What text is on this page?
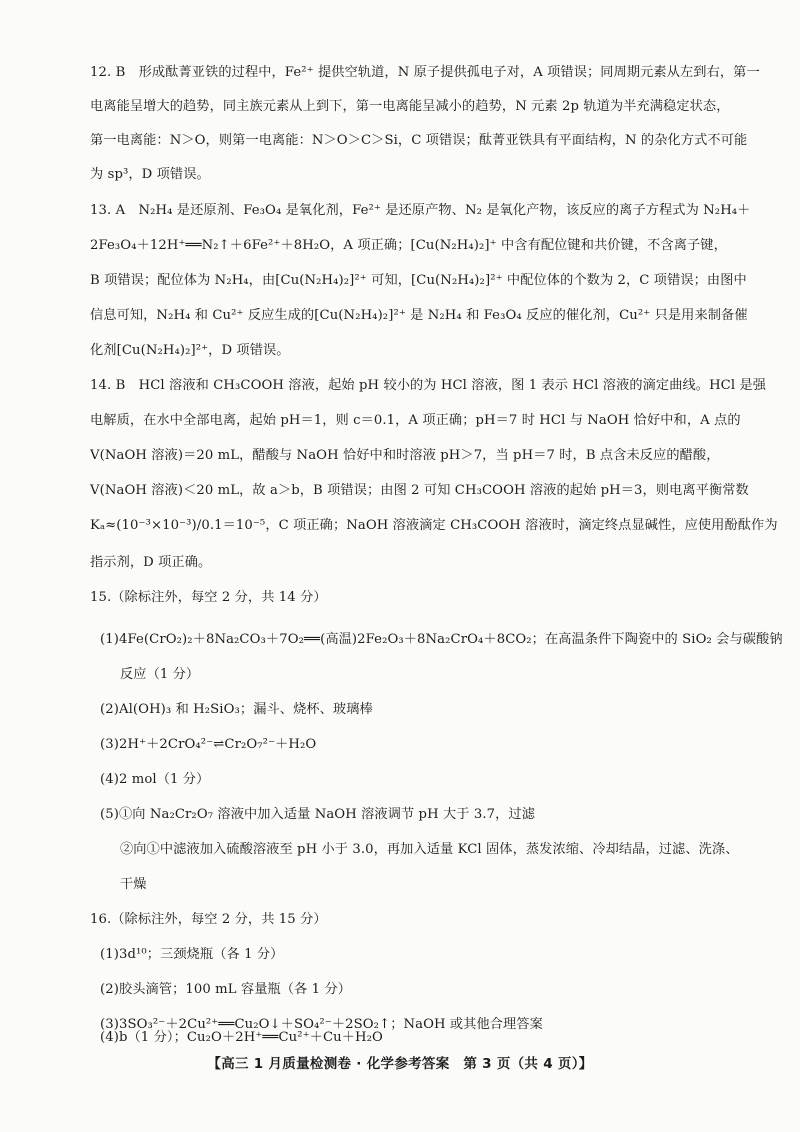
12. B　形成酞菁亚铁的过程中，Fe²⁺ 提供空轨道，N 原子提供孤电子对，A 项错误；同周期元素从左到右，第一
电离能呈增大的趋势，同主族元素从上到下，第一电离能呈减小的趋势，N 元素 2p 轨道为半充满稳定状态，
第一电离能：N＞O，则第一电离能：N＞O＞C＞Si，C 项错误；酞菁亚铁具有平面结构，N 的杂化方式不可能
为 sp³，D 项错误。
13. A　N₂H₄ 是还原剂、Fe₃O₄ 是氧化剂，Fe²⁺ 是还原产物、N₂ 是氧化产物，该反应的离子方程式为 N₂H₄＋
2Fe₃O₄＋12H⁺══N₂↑＋6Fe²⁺＋8H₂O，A 项正确；[Cu(N₂H₄)₂]⁺ 中含有配位键和共价键，不含离子键，
B 项错误；配位体为 N₂H₄，由[Cu(N₂H₄)₂]²⁺ 可知，[Cu(N₂H₄)₂]²⁺ 中配位体的个数为 2，C 项错误；由图中
信息可知，N₂H₄ 和 Cu²⁺ 反应生成的[Cu(N₂H₄)₂]²⁺ 是 N₂H₄ 和 Fe₃O₄ 反应的催化剂，Cu²⁺ 只是用来制备催
化剂[Cu(N₂H₄)₂]²⁺，D 项错误。
14. B　HCl 溶液和 CH₃COOH 溶液，起始 pH 较小的为 HCl 溶液，图 1 表示 HCl 溶液的滴定曲线。HCl 是强
电解质，在水中全部电离，起始 pH＝1，则 c＝0.1，A 项正确；pH＝7 时 HCl 与 NaOH 恰好中和，A 点的
V(NaOH 溶液)＝20 mL，醋酸与 NaOH 恰好中和时溶液 pH＞7，当 pH＝7 时，B 点含未反应的醋酸，
V(NaOH 溶液)＜20 mL，故 a＞b，B 项错误；由图 2 可知 CH₃COOH 溶液的起始 pH＝3，则电离平衡常数
Kₐ≈(10⁻³×10⁻³)/0.1＝10⁻⁵，C 项正确；NaOH 溶液滴定 CH₃COOH 溶液时，滴定终点显碱性，应使用酚酞作为
指示剂，D 项正确。
15.（除标注外，每空 2 分，共 14 分）
(1)4Fe(CrO₂)₂＋8Na₂CO₃＋7O₂══(高温)2Fe₂O₃＋8Na₂CrO₄＋8CO₂；在高温条件下陶瓷中的 SiO₂ 会与碳酸钠
反应（1 分）
(2)Al(OH)₃ 和 H₂SiO₃；漏斗、烧杯、玻璃棒
(3)2H⁺＋2CrO₄²⁻⇌Cr₂O₇²⁻＋H₂O
(4)2 mol（1 分）
(5)①向 Na₂Cr₂O₇ 溶液中加入适量 NaOH 溶液调节 pH 大于 3.7，过滤
②向①中滤液加入硫酸溶液至 pH 小于 3.0，再加入适量 KCl 固体，蒸发浓缩、冷却结晶，过滤、洗涤、
干燥
16.（除标注外，每空 2 分，共 15 分）
(1)3d¹⁰；三颈烧瓶（各 1 分）
(2)胶头滴管；100 mL 容量瓶（各 1 分）
(3)3SO₃²⁻＋2Cu²⁺══Cu₂O↓＋SO₄²⁻＋2SO₂↑；NaOH 或其他合理答案
(4)b（1 分）；Cu₂O＋2H⁺══Cu²⁺＋Cu＋H₂O
【高三 1 月质量检测卷 · 化学参考答案　第 3 页（共 4 页）】
